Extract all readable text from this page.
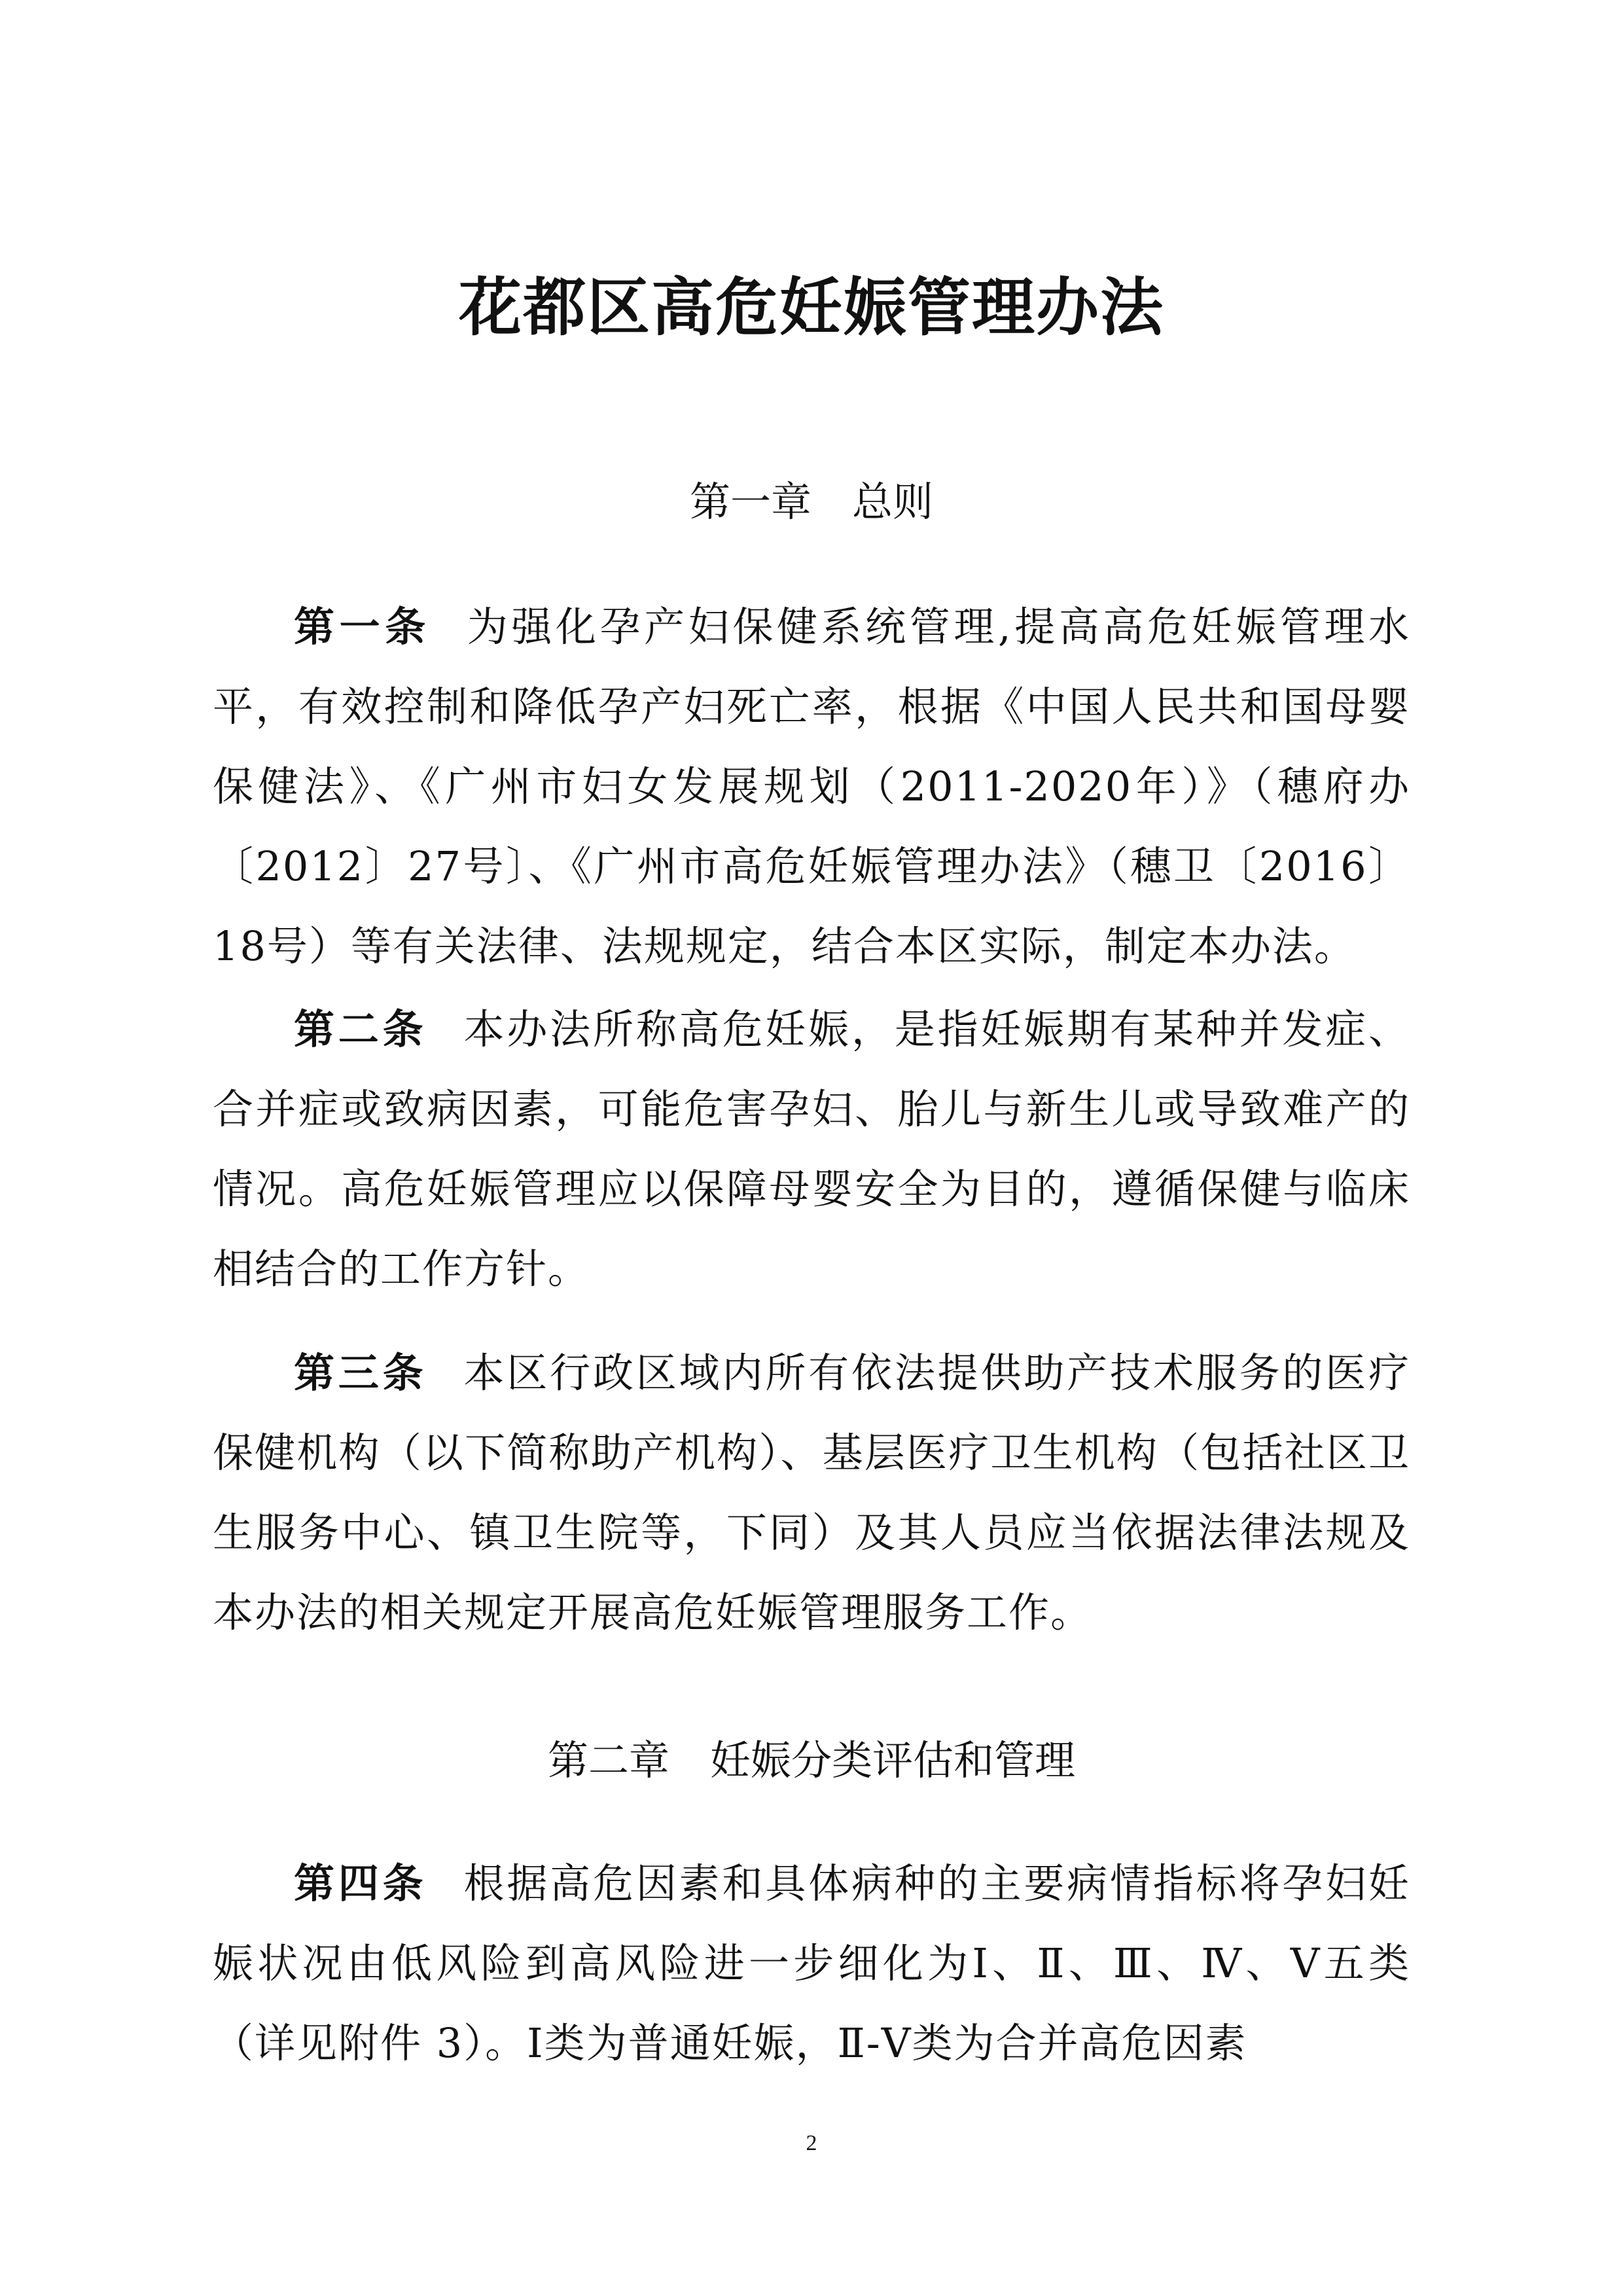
花都区高危妊娠管理办法
第一章　总则

第一条 为强化孕产妇保健系统管理,提高高危妊娠管理水平，有效控制和降低孕产妇死亡率，根据《中国人民共和国母婴保健法》、《广州市妇女发展规划（2011-2020年）》（穗府办〔2012〕27号〕、《广州市高危妊娠管理办法》（穗卫〔2016〕18号）等有关法律、法规规定，结合本区实际，制定本办法。

第二条 本办法所称高危妊娠，是指妊娠期有某种并发症、合并症或致病因素，可能危害孕妇、胎儿与新生儿或导致难产的情况。高危妊娠管理应以保障母婴安全为目的，遵循保健与临床相结合的工作方针。

第三条 本区行政区域内所有依法提供助产技术服务的医疗保健机构（以下简称助产机构）、基层医疗卫生机构（包括社区卫生服务中心、镇卫生院等，下同）及其人员应当依据法律法规及本办法的相关规定开展高危妊娠管理服务工作。

第二章　妊娠分类评估和管理

第四条 根据高危因素和具体病种的主要病情指标将孕妇妊娠状况由低风险到高风险进一步细化为Ⅰ、Ⅱ、Ⅲ、Ⅳ、Ⅴ五类（详见附件 3）。Ⅰ类为普通妊娠，Ⅱ-Ⅴ类为合并高危因素

2
